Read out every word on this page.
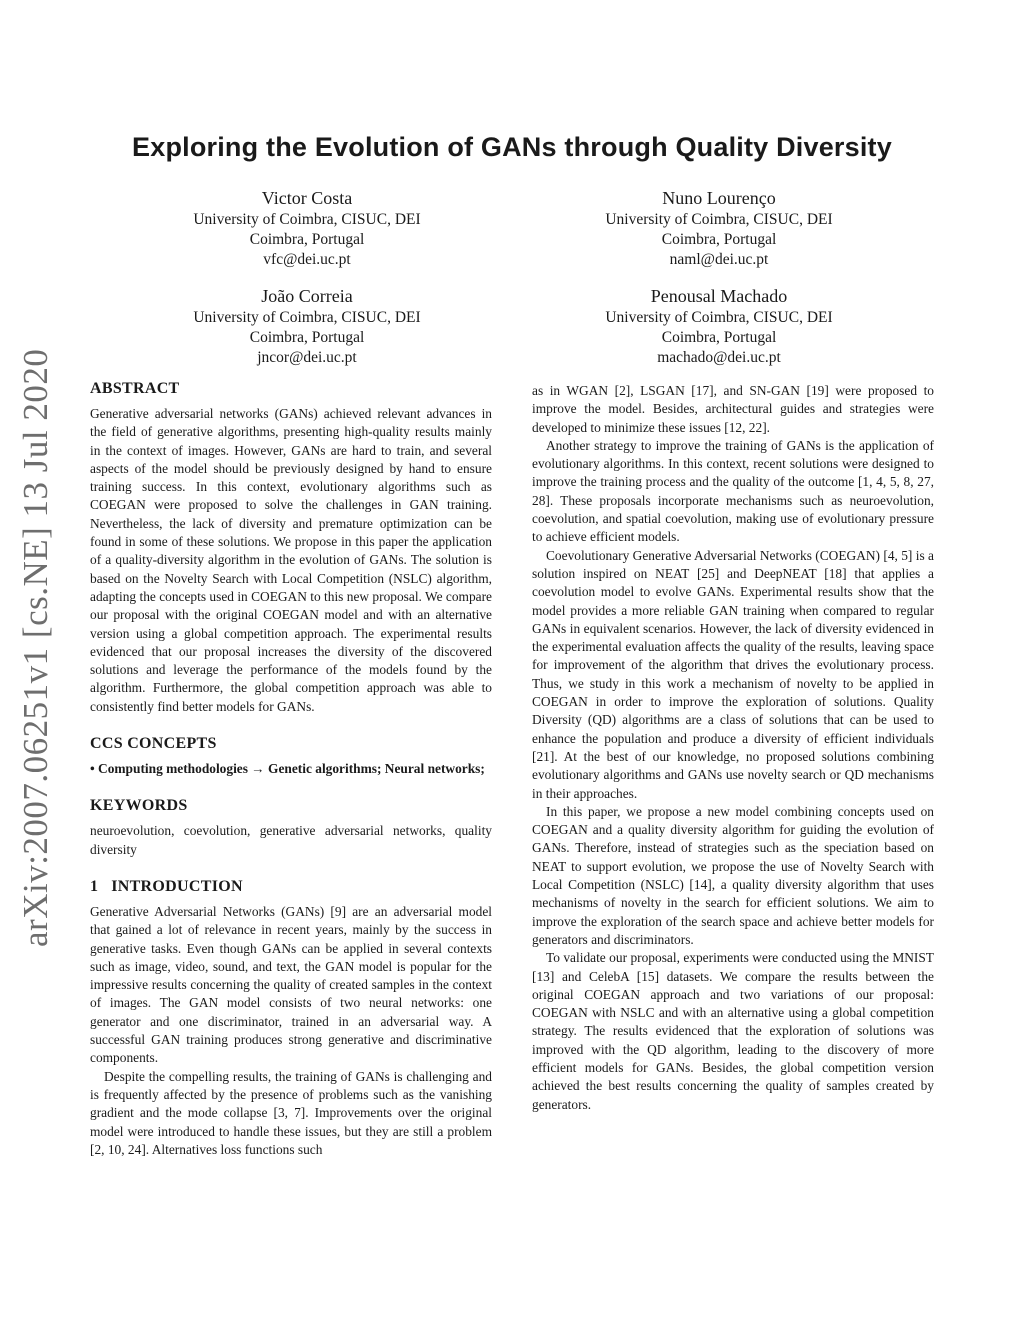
Exploring the Evolution of GANs through Quality Diversity
Victor Costa
University of Coimbra, CISUC, DEI
Coimbra, Portugal
vfc@dei.uc.pt
Nuno Lourenço
University of Coimbra, CISUC, DEI
Coimbra, Portugal
naml@dei.uc.pt
João Correia
University of Coimbra, CISUC, DEI
Coimbra, Portugal
jncor@dei.uc.pt
Penousal Machado
University of Coimbra, CISUC, DEI
Coimbra, Portugal
machado@dei.uc.pt
arXiv:2007.06251v1 [cs.NE] 13 Jul 2020 ABSTRACT

Generative adversarial networks (GANs) achieved relevant advances in the field of generative algorithms, presenting high-quality results mainly in the context of images. However, GANs are hard to train, and several aspects of the model should be previously designed by hand to ensure training success. In this context, evolutionary algorithms such as COEGAN were proposed to solve the challenges in GAN training. Nevertheless, the lack of diversity and premature optimization can be found in some of these solutions. We propose in this paper the application of a quality-diversity algorithm in the evolution of GANs. The solution is based on the Novelty Search with Local Competition (NSLC) algorithm, adapting the concepts used in COEGAN to this new proposal. We compare our proposal with the original COEGAN model and with an alternative version using a global competition approach. The experimental results evidenced that our proposal increases the diversity of the discovered solutions and leverage the performance of the models found by the algorithm. Furthermore, the global competition approach was able to consistently find better models for GANs.

CCS CONCEPTS

• Computing methodologies → Genetic algorithms; Neural networks;

KEYWORDS

neuroevolution, coevolution, generative adversarial networks, quality diversity

1   INTRODUCTION

Generative Adversarial Networks (GANs) [9] are an adversarial model that gained a lot of relevance in recent years, mainly by the success in generative tasks. Even though GANs can be applied in several contexts such as image, video, sound, and text, the GAN model is popular for the impressive results concerning the quality of created samples in the context of images. The GAN model consists of two neural networks: one generator and one discriminator, trained in an adversarial way. A successful GAN training produces strong generative and discriminative components.

Despite the compelling results, the training of GANs is challenging and is frequently affected by the presence of problems such as the vanishing gradient and the mode collapse [3, 7]. Improvements over the original model were introduced to handle these issues, but they are still a problem [2, 10, 24]. Alternatives loss functions such

as in WGAN [2], LSGAN [17], and SN-GAN [19] were proposed to improve the model. Besides, architectural guides and strategies were developed to minimize these issues [12, 22].

Another strategy to improve the training of GANs is the application of evolutionary algorithms. In this context, recent solutions were designed to improve the training process and the quality of the outcome [1, 4, 5, 8, 27, 28]. These proposals incorporate mechanisms such as neuroevolution, coevolution, and spatial coevolution, making use of evolutionary pressure to achieve efficient models.

Coevolutionary Generative Adversarial Networks (COEGAN) [4, 5] is a solution inspired on NEAT [25] and DeepNEAT [18] that applies a coevolution model to evolve GANs. Experimental results show that the model provides a more reliable GAN training when compared to regular GANs in equivalent scenarios. However, the lack of diversity evidenced in the experimental evaluation affects the quality of the results, leaving space for improvement of the algorithm that drives the evolutionary process. Thus, we study in this work a mechanism of novelty to be applied in COEGAN in order to improve the exploration of solutions. Quality Diversity (QD) algorithms are a class of solutions that can be used to enhance the population and produce a diversity of efficient individuals [21]. At the best of our knowledge, no proposed solutions combining evolutionary algorithms and GANs use novelty search or QD mechanisms in their approaches.

In this paper, we propose a new model combining concepts used on COEGAN and a quality diversity algorithm for guiding the evolution of GANs. Therefore, instead of strategies such as the speciation based on NEAT to support evolution, we propose the use of Novelty Search with Local Competition (NSLC) [14], a quality diversity algorithm that uses mechanisms of novelty in the search for efficient solutions. We aim to improve the exploration of the search space and achieve better models for generators and discriminators.

To validate our proposal, experiments were conducted using the MNIST [13] and CelebA [15] datasets. We compare the results between the original COEGAN approach and two variations of our proposal: COEGAN with NSLC and with an alternative using a global competition strategy. The results evidenced that the exploration of solutions was improved with the QD algorithm, leading to the discovery of more efficient models for GANs. Besides, the global competition version achieved the best results concerning the quality of samples created by generators.
